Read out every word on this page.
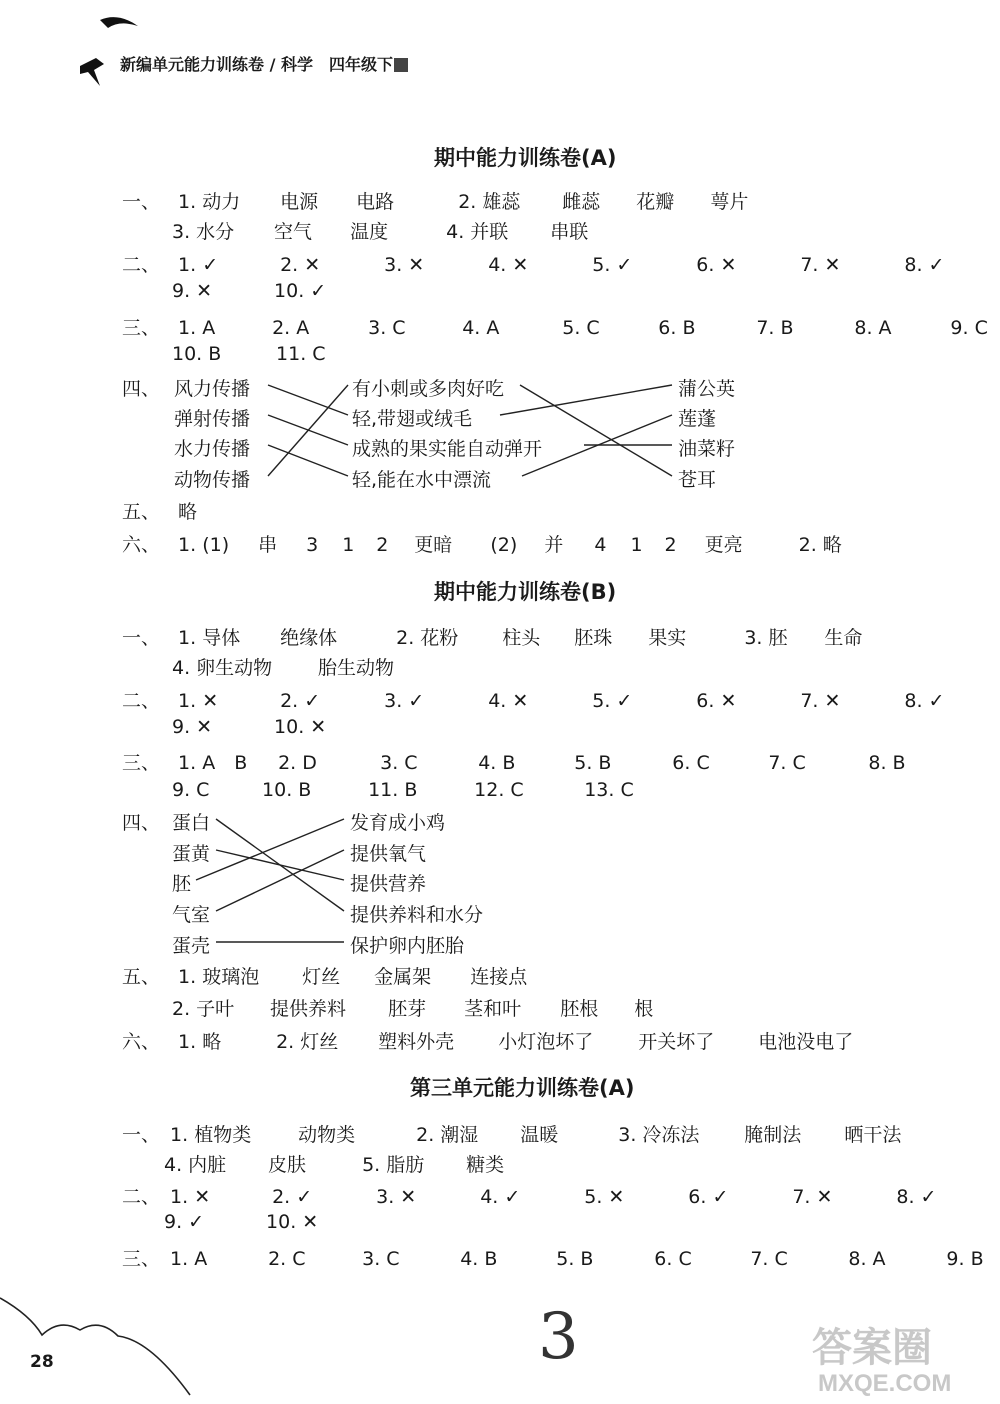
新编单元能力训练卷 / 科学　四年级下
期中能力训练卷(A)
一、 1. 动力 电源 电路	2. 雄蕊 雌蕊 花瓣 萼片
3. 水分 空气 温度	4. 并联 串联
二、 1. ✓	2. ✕	3. ✕	4. ✕	5. ✓	6. ✕	7. ✕	8. ✓
9. ✕	10. ✓
三、 1. A	2. A	3. C	4. A	5. C	6. B	7. B	8. A	9. C
10. B	11. C
四、 风力传播
弹射传播
水力传播
动物传播
有小刺或多肉好吃
轻,带翅或绒毛
成熟的果实能自动弹开
轻,能在水中漂流
蒲公英
莲蓬
油菜籽
苍耳
五、 略
六、 1. (1) 串 3 1 2 更暗 (2) 并 4 1 2 更亮	2. 略
期中能力训练卷(B)
一、 1. 导体 绝缘体	2. 花粉 柱头 胚珠 果实	3. 胚 生命
4. 卵生动物 胎生动物
二、 1. ✕	2. ✓	3. ✓	4. ✕	5. ✓	6. ✕	7. ✕	8. ✓
9. ✕	10. ✕
三、 1. A　B 2. D	3. C	4. B	5. B	6. C	7. C	8. B
9. C	10. B	11. B	12. C	13. C
四、 蛋白
蛋黄
胚
气室
蛋壳
发育成小鸡
提供氧气
提供营养
提供养料和水分
保护卵内胚胎
五、 1. 玻璃泡 灯丝 金属架 连接点
2. 子叶 提供养料 胚芽 茎和叶 胚根 根
六、 1. 略	2. 灯丝 塑料外壳 小灯泡坏了 开关坏了 电池没电了
第三单元能力训练卷(A)
一、 1. 植物类 动物类	2. 潮湿 温暖	3. 冷冻法 腌制法 晒干法
4. 内脏 皮肤	5. 脂肪 糖类
二、 1. ✕	2. ✓	3. ✕	4. ✓	5. ✕	6. ✓	7. ✕	8. ✓
9. ✓	10. ✕
三、 1. A	2. C	3. C	4. B	5. B	6. C	7. C	8. A	9. B
28	3	答案圈
MXQE.COM
